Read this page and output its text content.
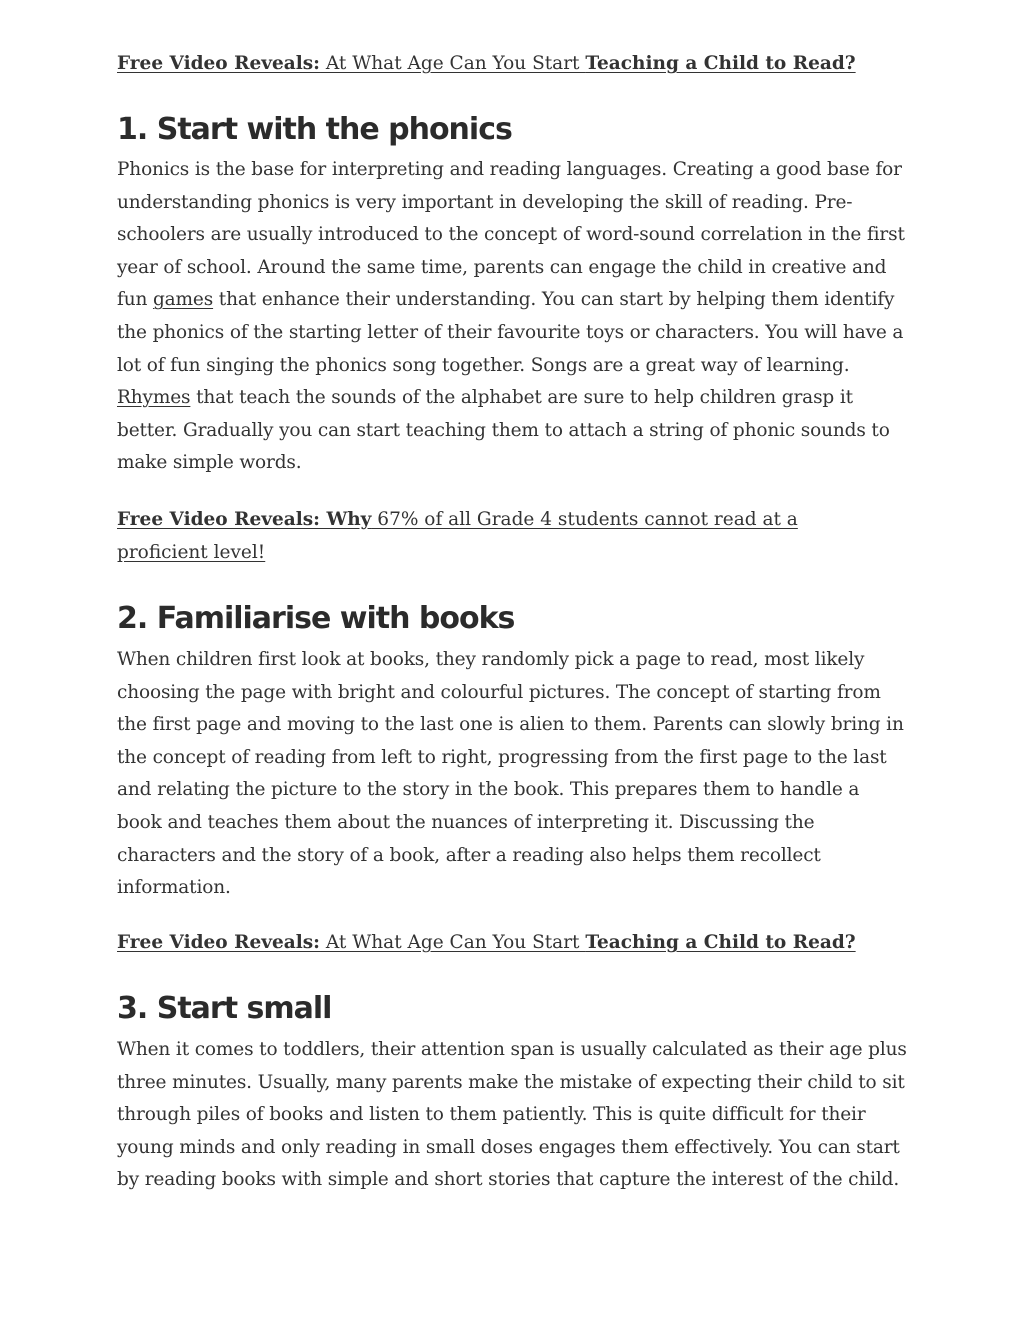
Free Video Reveals: At What Age Can You Start Teaching a Child to Read?

1. Start with the phonics

Phonics is the base for interpreting and reading languages. Creating a good base for understanding phonics is very important in developing the skill of reading. Pre-schoolers are usually introduced to the concept of word-sound correlation in the first year of school. Around the same time, parents can engage the child in creative and fun games that enhance their understanding. You can start by helping them identify the phonics of the starting letter of their favourite toys or characters. You will have a lot of fun singing the phonics song together. Songs are a great way of learning. Rhymes that teach the sounds of the alphabet are sure to help children grasp it better. Gradually you can start teaching them to attach a string of phonic sounds to make simple words.

Free Video Reveals: Why 67% of all Grade 4 students cannot read at a proficient level!

2. Familiarise with books

When children first look at books, they randomly pick a page to read, most likely choosing the page with bright and colourful pictures. The concept of starting from the first page and moving to the last one is alien to them. Parents can slowly bring in the concept of reading from left to right, progressing from the first page to the last and relating the picture to the story in the book. This prepares them to handle a book and teaches them about the nuances of interpreting it. Discussing the characters and the story of a book, after a reading also helps them recollect information.

Free Video Reveals: At What Age Can You Start Teaching a Child to Read?

3. Start small

When it comes to toddlers, their attention span is usually calculated as their age plus three minutes. Usually, many parents make the mistake of expecting their child to sit through piles of books and listen to them patiently. This is quite difficult for their young minds and only reading in small doses engages them effectively. You can start by reading books with simple and short stories that capture the interest of the child.
